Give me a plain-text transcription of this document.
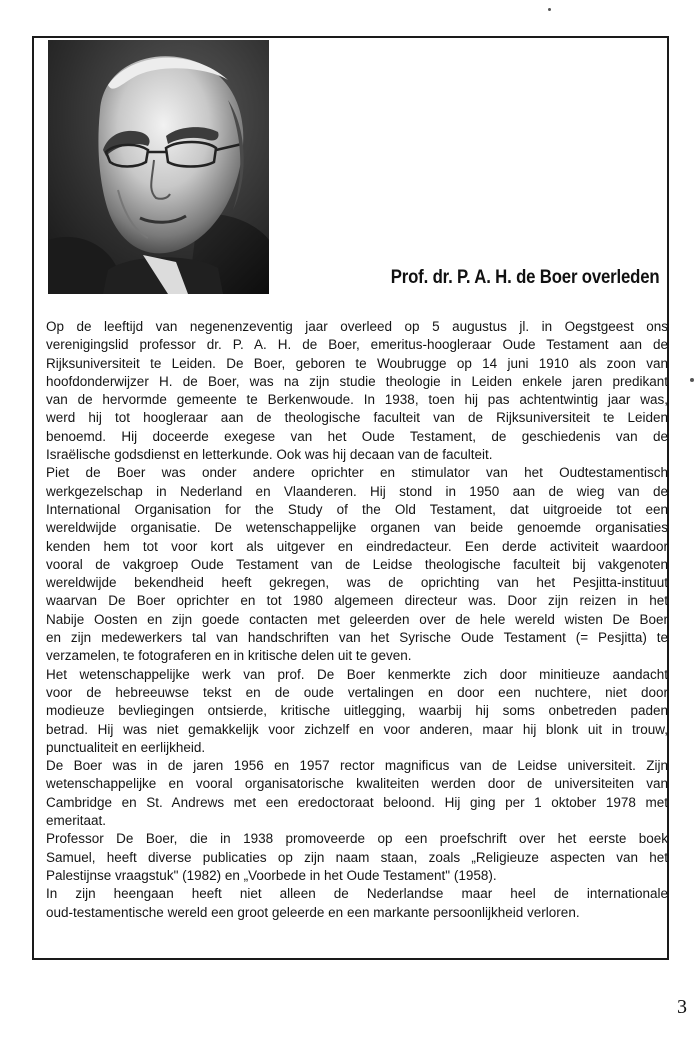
Prof. dr. P. A. H. de Boer overleden
Op de leeftijd van negenenzeventig jaar overleed op 5 augustus jl. in Oegstgeest ons
verenigingslid professor dr. P. A. H. de Boer, emeritus-hoogleraar Oude Testament aan de
Rijksuniversiteit te Leiden. De Boer, geboren te Woubrugge op 14 juni 1910 als zoon van
hoofdonderwijzer H. de Boer, was na zijn studie theologie in Leiden enkele jaren predikant
van de hervormde gemeente te Berkenwoude. In 1938, toen hij pas achtentwintig jaar was,
werd hij tot hoogleraar aan de theologische faculteit van de Rijksuniversiteit te Leiden
benoemd. Hij doceerde exegese van het Oude Testament, de geschiedenis van de
Israëlische godsdienst en letterkunde. Ook was hij decaan van de faculteit.
Piet de Boer was onder andere oprichter en stimulator van het Oudtestamentisch
werkgezelschap in Nederland en Vlaanderen. Hij stond in 1950 aan de wieg van de
International Organisation for the Study of the Old Testament, dat uitgroeide tot een
wereldwijde organisatie. De wetenschappelijke organen van beide genoemde organisaties
kenden hem tot voor kort als uitgever en eindredacteur. Een derde activiteit waardoor
vooral de vakgroep Oude Testament van de Leidse theologische faculteit bij vakgenoten
wereldwijde bekendheid heeft gekregen, was de oprichting van het Pesjitta-instituut
waarvan De Boer oprichter en tot 1980 algemeen directeur was. Door zijn reizen in het
Nabije Oosten en zijn goede contacten met geleerden over de hele wereld wisten De Boer
en zijn medewerkers tal van handschriften van het Syrische Oude Testament (= Pesjitta) te
verzamelen, te fotograferen en in kritische delen uit te geven.
Het wetenschappelijke werk van prof. De Boer kenmerkte zich door minitieuze aandacht
voor de hebreeuwse tekst en de oude vertalingen en door een nuchtere, niet door
modieuze bevliegingen ontsierde, kritische uitlegging, waarbij hij soms onbetreden paden
betrad. Hij was niet gemakkelijk voor zichzelf en voor anderen, maar hij blonk uit in trouw,
punctualiteit en eerlijkheid.
De Boer was in de jaren 1956 en 1957 rector magnificus van de Leidse universiteit. Zijn
wetenschappelijke en vooral organisatorische kwaliteiten werden door de universiteiten van
Cambridge en St. Andrews met een eredoctoraat beloond. Hij ging per 1 oktober 1978 met
emeritaat.
Professor De Boer, die in 1938 promoveerde op een proefschrift over het eerste boek
Samuel, heeft diverse publicaties op zijn naam staan, zoals „Religieuze aspecten van het
Palestijnse vraagstuk" (1982) en „Voorbede in het Oude Testament" (1958).
In zijn heengaan heeft niet alleen de Nederlandse maar heel de internationale
oud-testamentische wereld een groot geleerde en een markante persoonlijkheid verloren.
3
